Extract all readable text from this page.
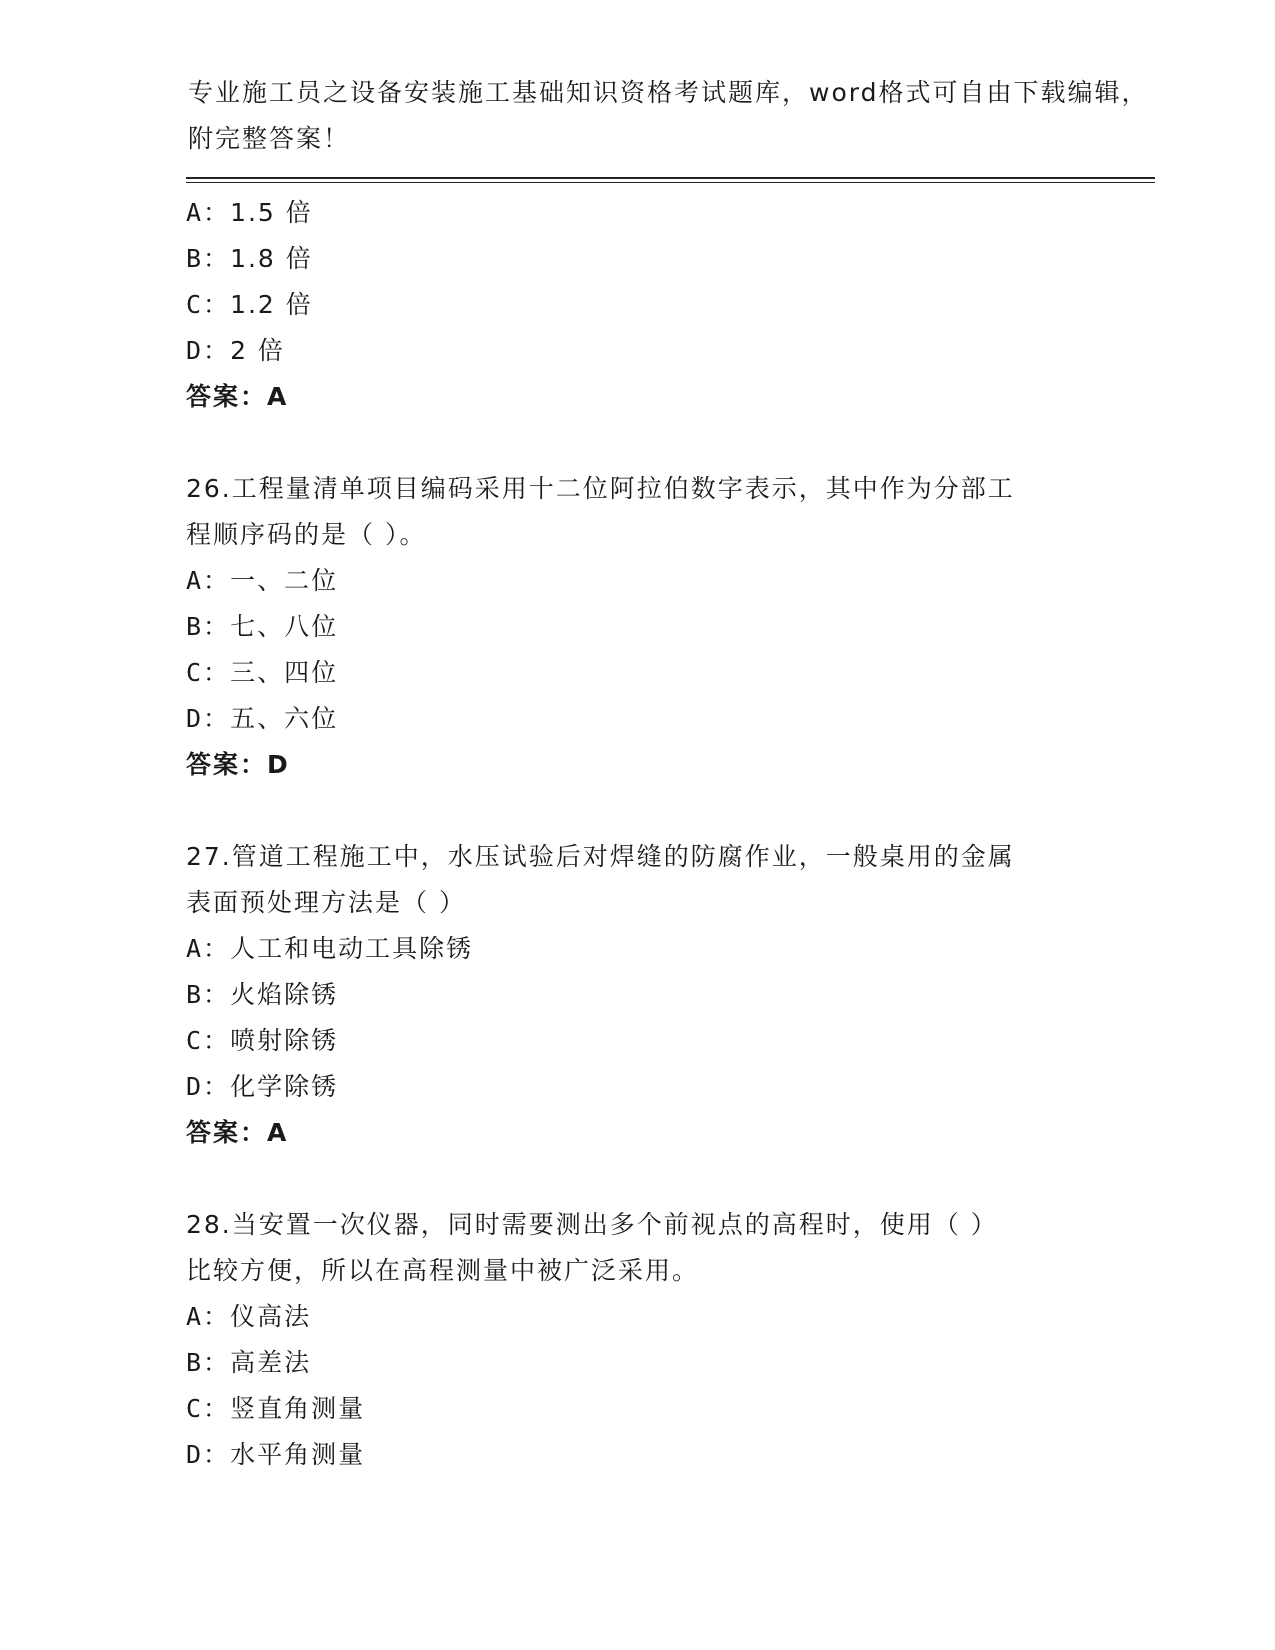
专业施工员之设备安装施工基础知识资格考试题库，word格式可自由下载编辑，
附完整答案！
A：1.5 倍
B：1.8 倍
C：1.2 倍
D：2 倍
答案：A
26.工程量清单项目编码采用十二位阿拉伯数字表示，其中作为分部工
程顺序码的是（ ）。
A：一、二位
B：七、八位
C：三、四位
D：五、六位
答案：D
27.管道工程施工中，水压试验后对焊缝的防腐作业，一般桌用的金属
表面预处理方法是（ ）
A：人工和电动工具除锈
B：火焰除锈
C：喷射除锈
D：化学除锈
答案：A
28.当安置一次仪器，同时需要测出多个前视点的高程时，使用（ ）
比较方便，所以在高程测量中被广泛采用。
A：仪高法
B：高差法
C：竖直角测量
D：水平角测量
